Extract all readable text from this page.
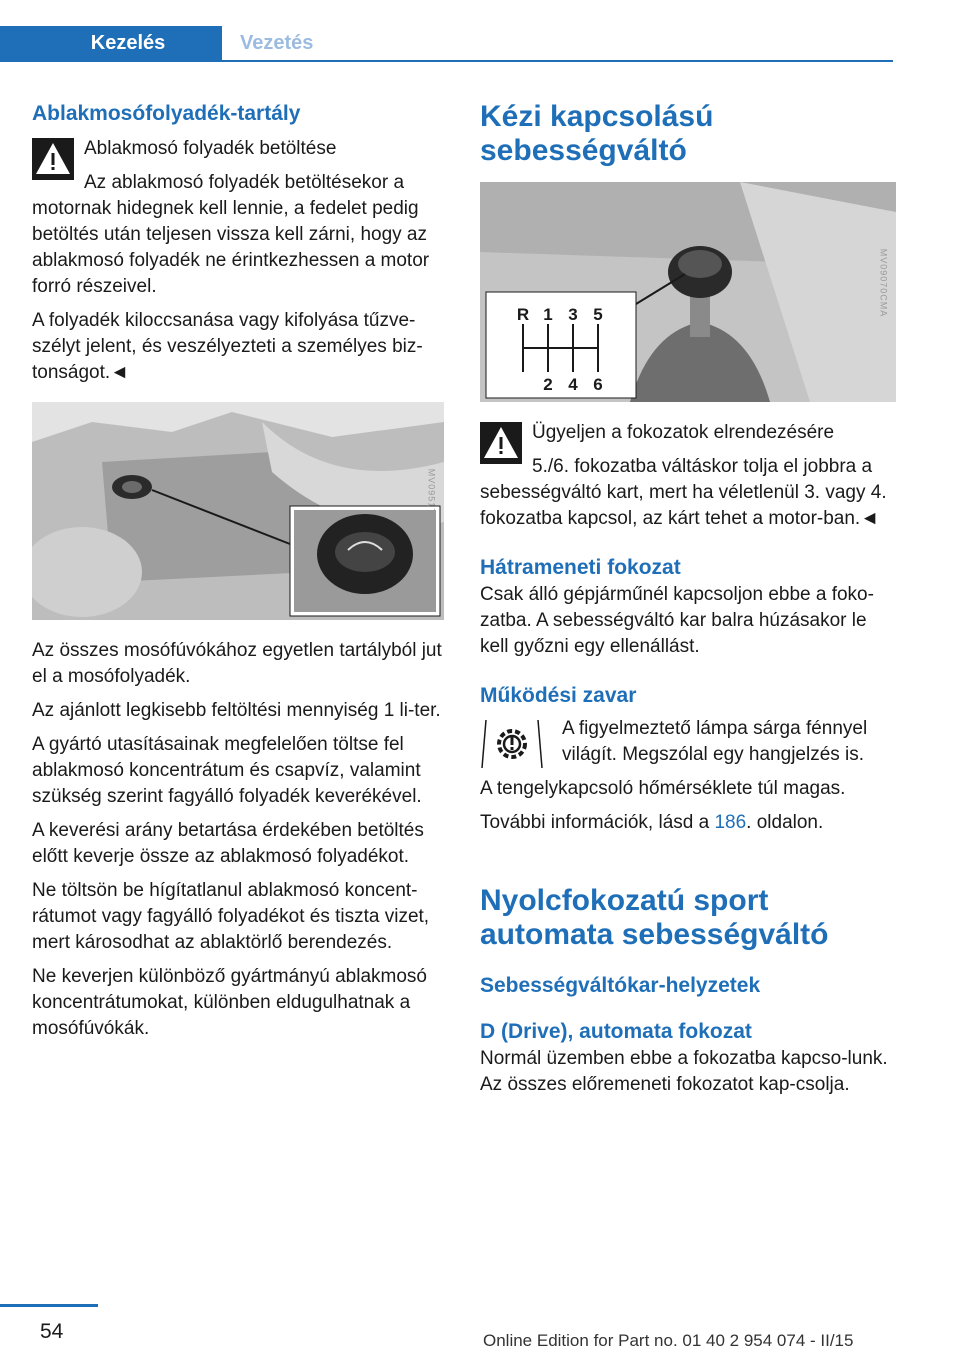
Kezelés	Vezetés
Ablakmosófolyadék-tartály

Ablakmosó folyadék betöltése

Az ablakmosó folyadék betöltésekor a motornak hidegnek kell lennie, a fedelet pedig betöltés után teljesen vissza kell zárni, hogy az ablakmosó folyadék ne érintkezhessen a motor forró részeivel.

A folyadék kiloccsanása vagy kifolyása tűzve-szélyt jelent, és veszélyezteti a személyes biz-tonságot.◄

MV09517CMA

Az összes mosófúvókához egyetlen tartályból jut el a mosófolyadék.

Az ajánlott legkisebb feltöltési mennyiség 1 li-ter.

A gyártó utasításainak megfelelően töltse fel ablakmosó koncentrátum és csapvíz, valamint szükség szerint fagyálló folyadék keverékével.

A keverési arány betartása érdekében betöltés előtt keverje össze az ablakmosó folyadékot.

Ne töltsön be hígítatlanul ablakmosó koncent-rátumot vagy fagyálló folyadékot és tiszta vizet, mert károsodhat az ablaktörlő berendezés.

Ne keverjen különböző gyártmányú ablakmosó koncentrátumokat, különben eldugulhatnak a mosófúvókák.

Kézi kapcsolású sebességváltó
R 1 3 5
2 4 6
MV09070CMA

Ügyeljen a fokozatok elrendezésére

5./6. fokozatba váltáskor tolja el jobbra a sebességváltó kart, mert ha véletlenül 3. vagy 4. fokozatba kapcsol, az kárt tehet a motor-ban.◄

Hátrameneti fokozat

Csak álló gépjárműnél kapcsoljon ebbe a foko-zatba. A sebességváltó kar balra húzásakor le kell győzni egy ellenállást.

Működési zavar

A figyelmeztető lámpa sárga fénnyel világít. Megszólal egy hangjelzés is.

A tengelykapcsoló hőmérséklete túl magas.

További információk, lásd a 186. oldalon.

Nyolcfokozatú sport automata sebességváltó
Sebességváltókar-helyzetek
D (Drive), automata fokozat

Normál üzemben ebbe a fokozatba kapcso-lunk. Az összes előremeneti fokozatot kap-csolja.

54	Online Edition for Part no. 01 40 2 954 074 - II/15
